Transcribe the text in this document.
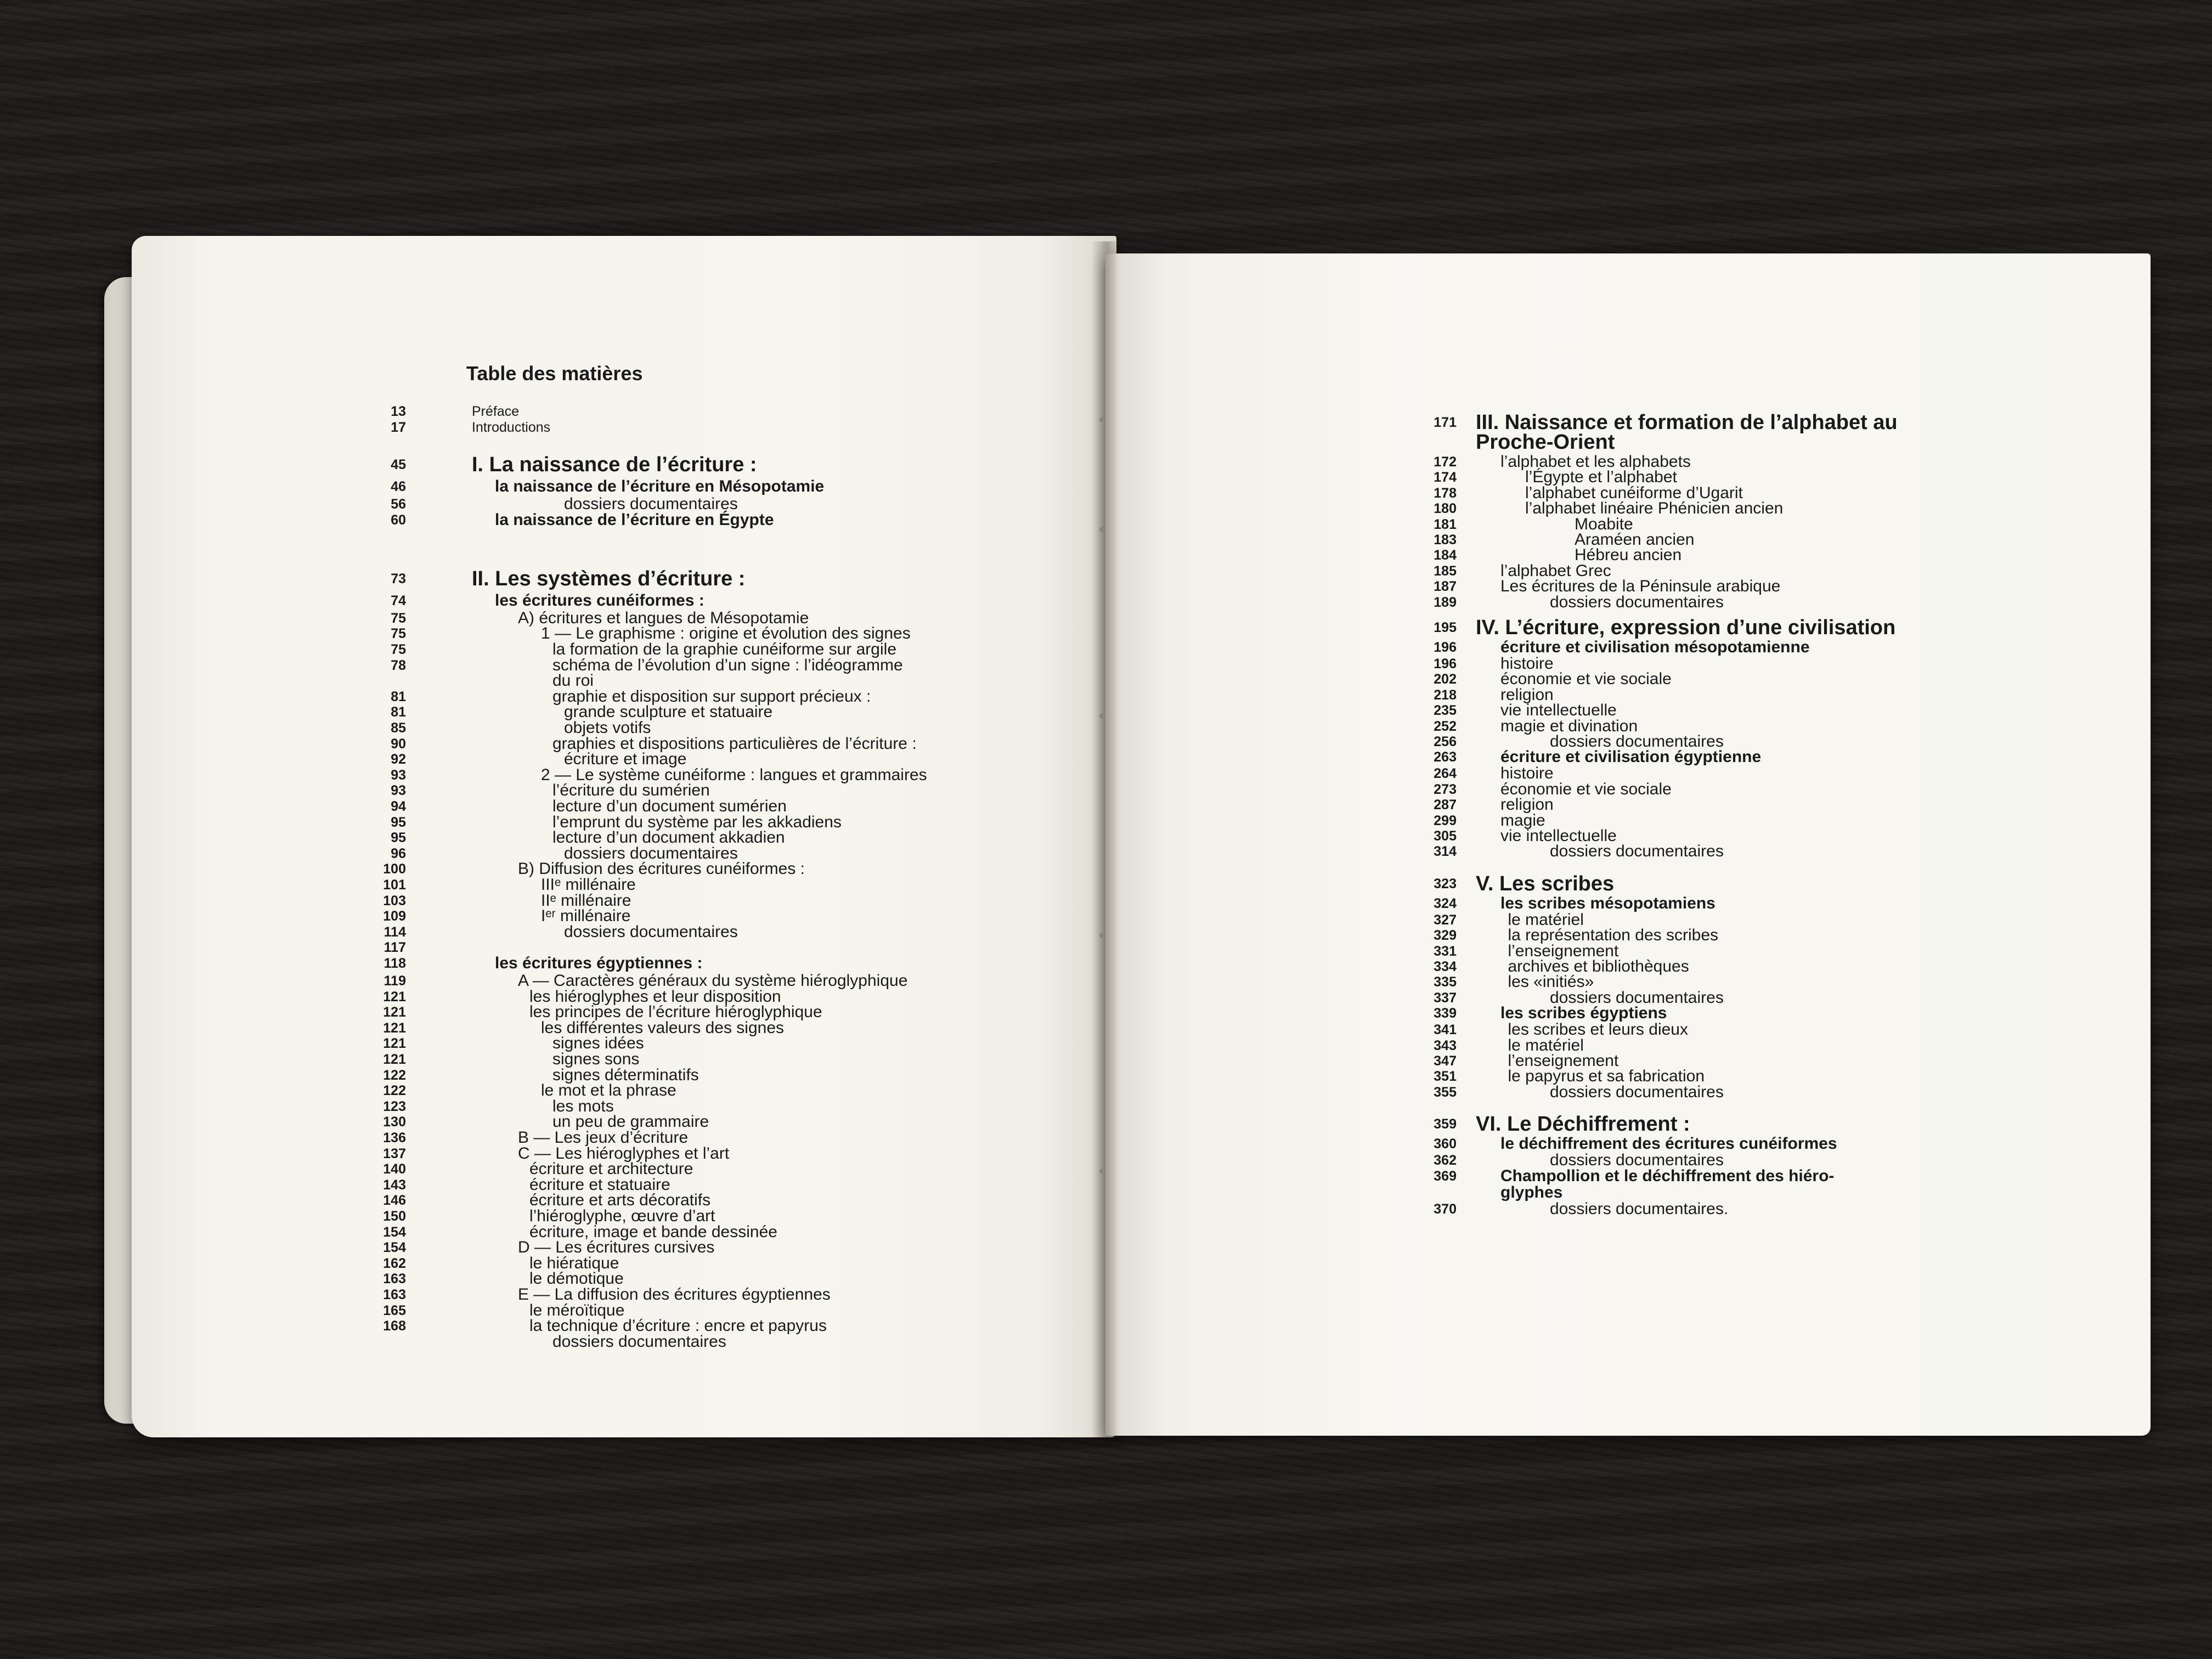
Table des matières
13	Préface
17	Introductions
45	I. La naissance de l’écriture :
46	la naissance de l’écriture en Mésopotamie
56	dossiers documentaires
60	la naissance de l’écriture en Égypte
73	II. Les systèmes d’écriture :
74	les écritures cunéiformes :
75	A) écritures et langues de Mésopotamie
75	1 — Le graphisme : origine et évolution des signes
75	la formation de la graphie cunéiforme sur argile
78	schéma de l’évolution d’un signe : l’idéogramme
du roi
81	graphie et disposition sur support précieux :
81	grande sculpture et statuaire
85	objets votifs
90	graphies et dispositions particulières de l’écriture :
92	écriture et image
93	2 — Le système cunéiforme : langues et grammaires
93	l’écriture du sumérien
94	lecture d’un document sumérien
95	l’emprunt du système par les akkadiens
95	lecture d’un document akkadien
96	dossiers documentaires
100	B) Diffusion des écritures cunéiformes :
101	IIIᵉ millénaire
103	IIᵉ millénaire
109	Iᵉʳ millénaire
114	dossiers documentaires
117
118	les écritures égyptiennes :
119	A — Caractères généraux du système hiéroglyphique
121	les hiéroglyphes et leur disposition
121	les principes de l’écriture hiéroglyphique
121	les différentes valeurs des signes
121	signes idées
121	signes sons
122	signes déterminatifs
122	le mot et la phrase
123	les mots
130	un peu de grammaire
136	B — Les jeux d’écriture
137	C — Les hiéroglyphes et l’art
140	écriture et architecture
143	écriture et statuaire
146	écriture et arts décoratifs
150	l’hiéroglyphe, œuvre d’art
154	écriture, image et bande dessinée
154	D — Les écritures cursives
162	le hiératique
163	le démotique
163	E — La diffusion des écritures égyptiennes
165	le méroïtique
168	la technique d’écriture : encre et papyrus
dossiers documentaires
171 III. Naissance et formation de l’alphabet au
Proche-Orient
172	l’alphabet et les alphabets
174	l’Égypte et l’alphabet
178	l’alphabet cunéiforme d’Ugarit
180	l’alphabet linéaire Phénicien ancien
181	Moabite
183	Araméen ancien
184	Hébreu ancien
185	l’alphabet Grec
187	Les écritures de la Péninsule arabique
189	dossiers documentaires
195 IV. L’écriture, expression d’une civilisation
196	écriture et civilisation mésopotamienne
196	histoire
202	économie et vie sociale
218	religion
235	vie intellectuelle
252	magie et divination
256	dossiers documentaires
263	écriture et civilisation égyptienne
264	histoire
273	économie et vie sociale
287	religion
299	magie
305	vie intellectuelle
314	dossiers documentaires
323 V. Les scribes
324	les scribes mésopotamiens
327	le matériel
329	la représentation des scribes
331	l’enseignement
334	archives et bibliothèques
335	les «initiés»
337	dossiers documentaires
339	les scribes égyptiens
341	les scribes et leurs dieux
343	le matériel
347	l’enseignement
351	le papyrus et sa fabrication
355	dossiers documentaires
359 VI. Le Déchiffrement :
360	le déchiffrement des écritures cunéiformes
362	dossiers documentaires
369	Champollion et le déchiffrement des hiéro-
glyphes
370	dossiers documentaires.
